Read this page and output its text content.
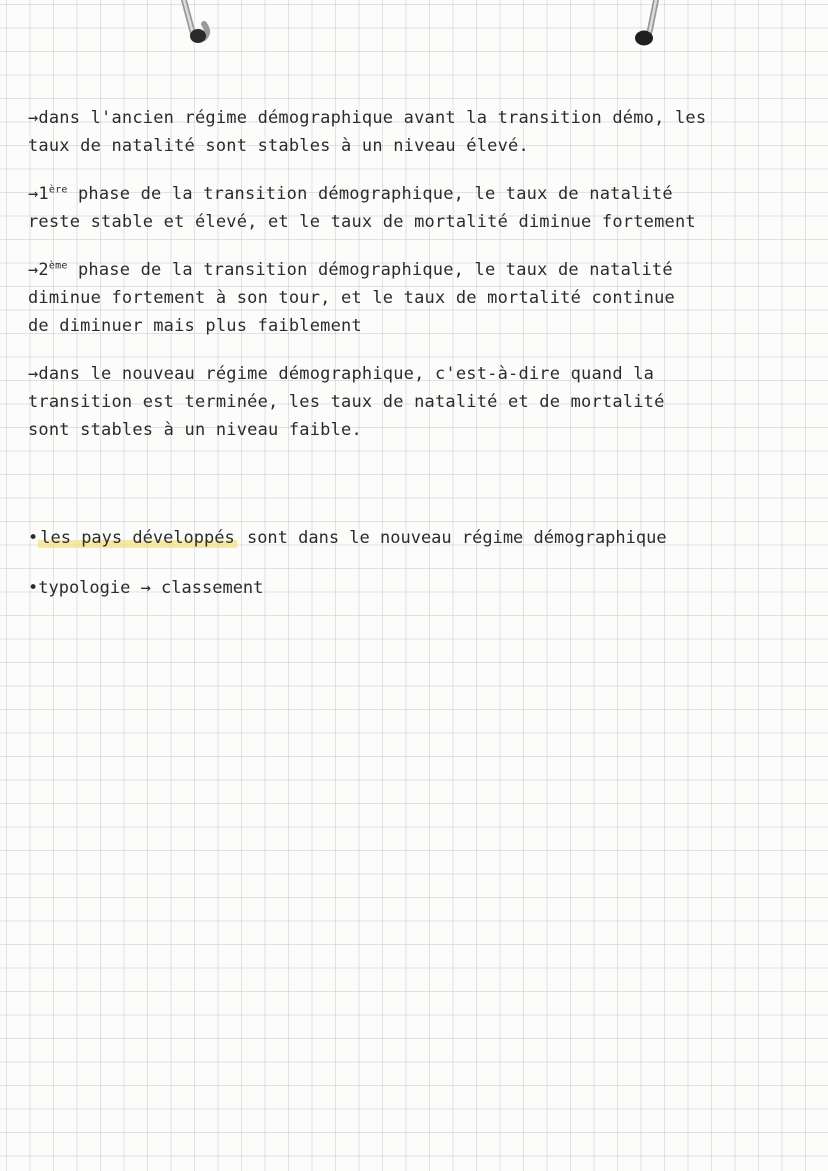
→dans l'ancien régime démographique avant la transition démo, les
taux de natalité sont stables à un niveau élevé.

→1ère phase de la transition démographique, le taux de natalité
reste stable et élevé, et le taux de mortalité diminue fortement

→2ème phase de la transition démographique, le taux de natalité
diminue fortement à son tour, et le taux de mortalité continue
de diminuer mais plus faiblement

→dans le nouveau régime démographique, c'est-à-dire quand la
transition est terminée, les taux de natalité et de mortalité
sont stables à un niveau faible.

• les pays développés sont dans le nouveau régime démographique

•typologie → classement
